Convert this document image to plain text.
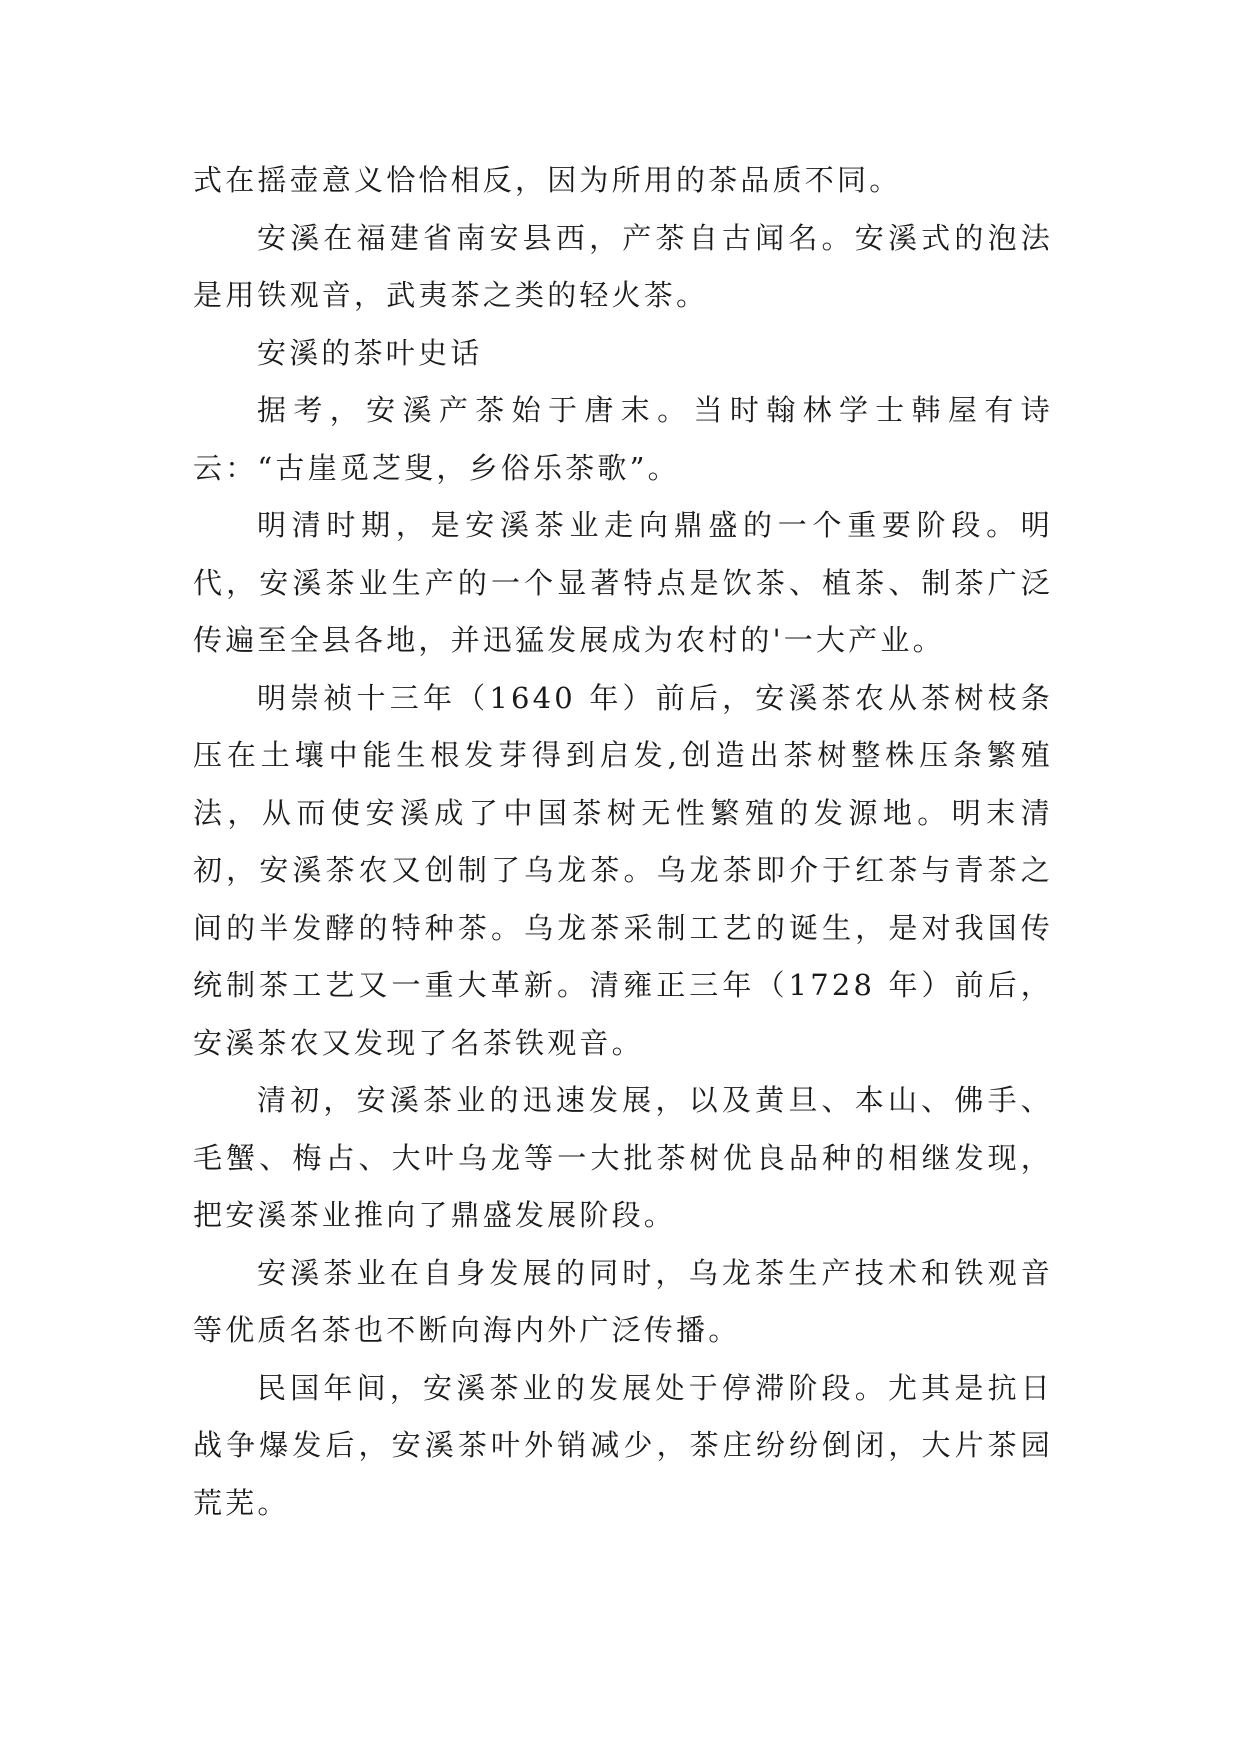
式在摇壶意义恰恰相反，因为所用的茶品质不同。

安溪在福建省南安县西，产茶自古闻名。安溪式的泡法是用铁观音，武夷茶之类的轻火茶。

安溪的茶叶史话

据考，安溪产茶始于唐末。当时翰林学士韩屋有诗云：“古崖觅芝叟，乡俗乐茶歌”。

明清时期，是安溪茶业走向鼎盛的一个重要阶段。明代，安溪茶业生产的一个显著特点是饮茶、植茶、制茶广泛传遍至全县各地，并迅猛发展成为农村的'一大产业。

明崇祯十三年（1640 年）前后，安溪茶农从茶树枝条压在土壤中能生根发芽得到启发,创造出茶树整株压条繁殖法，从而使安溪成了中国茶树无性繁殖的发源地。明末清初，安溪茶农又创制了乌龙茶。乌龙茶即介于红茶与青茶之间的半发酵的特种茶。乌龙茶采制工艺的诞生，是对我国传统制茶工艺又一重大革新。清雍正三年（1728 年）前后，安溪茶农又发现了名茶铁观音。

清初，安溪茶业的迅速发展，以及黄旦、本山、佛手、毛蟹、梅占、大叶乌龙等一大批茶树优良品种的相继发现，把安溪茶业推向了鼎盛发展阶段。

安溪茶业在自身发展的同时，乌龙茶生产技术和铁观音等优质名茶也不断向海内外广泛传播。

民国年间，安溪茶业的发展处于停滞阶段。尤其是抗日战争爆发后，安溪茶叶外销减少，茶庄纷纷倒闭，大片茶园荒芜。
